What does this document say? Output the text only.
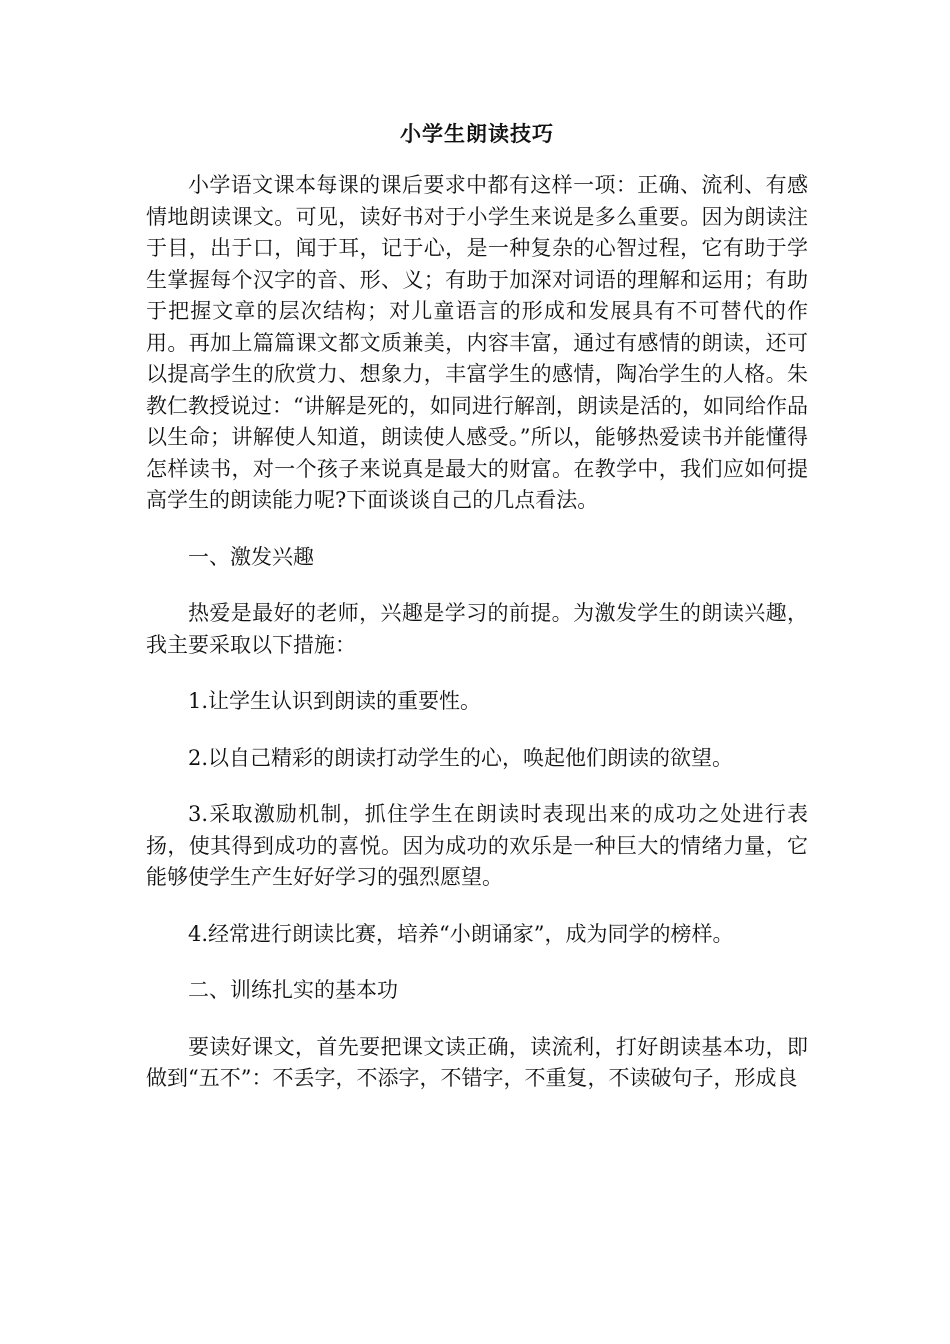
小学生朗读技巧
小学语文课本每课的课后要求中都有这样一项：正确、流利、有感情地朗读课文。可见，读好书对于小学生来说是多么重要。因为朗读注于目，出于口，闻于耳，记于心，是一种复杂的心智过程，它有助于学生掌握每个汉字的音、形、义；有助于加深对词语的理解和运用；有助于把握文章的层次结构；对儿童语言的形成和发展具有不可替代的作用。再加上篇篇课文都文质兼美，内容丰富，通过有感情的朗读，还可以提高学生的欣赏力、想象力，丰富学生的感情，陶冶学生的人格。朱教仁教授说过：“讲解是死的，如同进行解剖，朗读是活的，如同给作品以生命；讲解使人知道，朗读使人感受。”所以，能够热爱读书并能懂得怎样读书，对一个孩子来说真是最大的财富。在教学中，我们应如何提高学生的朗读能力呢?下面谈谈自己的几点看法。
一、激发兴趣
热爱是最好的老师，兴趣是学习的前提。为激发学生的朗读兴趣，我主要采取以下措施：
1.让学生认识到朗读的重要性。
2.以自己精彩的朗读打动学生的心，唤起他们朗读的欲望。
3.采取激励机制，抓住学生在朗读时表现出来的成功之处进行表扬，使其得到成功的喜悦。因为成功的欢乐是一种巨大的情绪力量，它能够使学生产生好好学习的强烈愿望。
4.经常进行朗读比赛，培养“小朗诵家”，成为同学的榜样。
二、训练扎实的基本功
要读好课文，首先要把课文读正确，读流利，打好朗读基本功，即做到“五不”：不丢字，不添字，不错字，不重复，不读破句子，形成良
